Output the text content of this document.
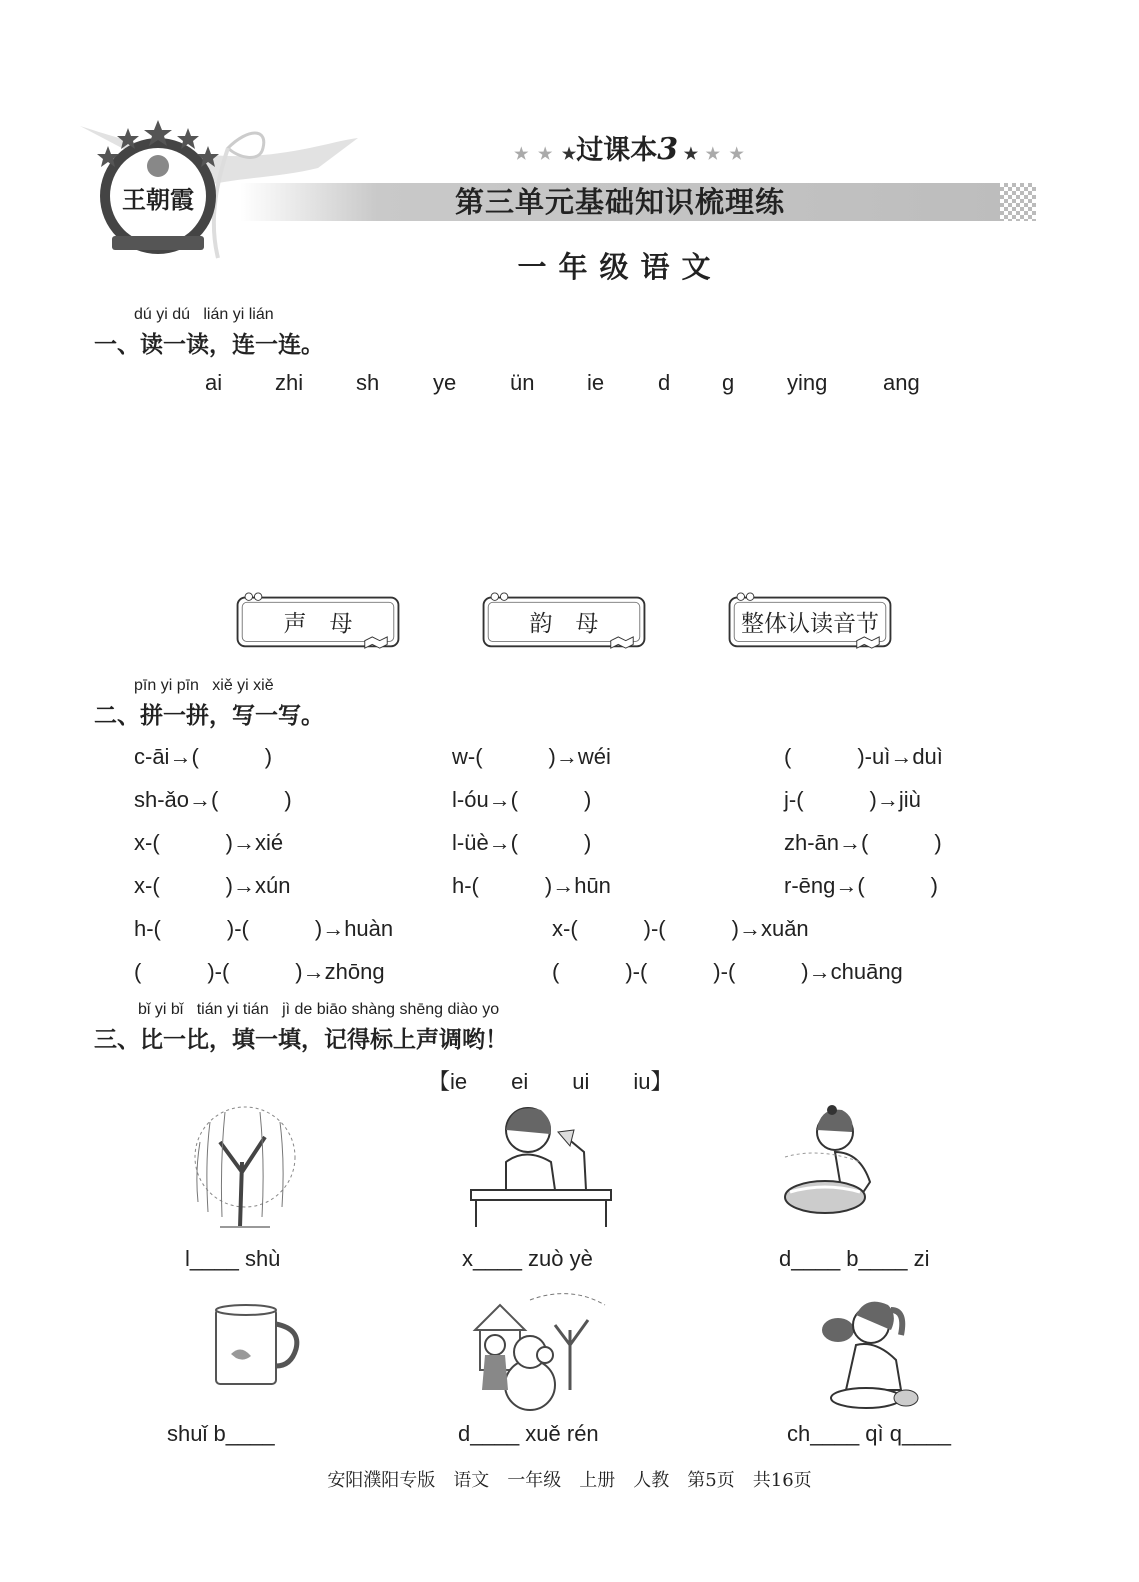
王朝霞
★ ★ ★过课本3 ★ ★ ★
第三单元基础知识梳理练
一年级语文
dú yi dú   lián yi lián
一、读一读，连一连。
ai zhi sh ye ün ie d g ying	ang
声　母	韵　母	整体认读音节
pīn yi pīn   xiě yi xiě
二、拼一拼，写一写。
c-āi→(　　　)	w-(　　　)→wéi	(　　　)-uì→duì
sh-ǎo→(　　　)	l-óu→(　　　)	j-(　　　)→jiù
x-(　　　)→xié	l-üè→(　　　)	zh-ān→(　　　)
x-(　　　)→xún	h-(　　　)→hūn	r-ēng→(　　　)
h-(　　　)-(　　　)→huàn	x-(　　　)-(　　　)→xuǎn
(　　　)-(　　　)→zhōng	(　　　)-(　　　)-(　　　)→chuāng
bǐ yi bǐ   tián yi tián   jì de biāo shàng shēng diào yo
三、比一比，填一填，记得标上声调哟！
【ie　　ei　　ui　　iu】
l____ shù	x____ zuò yè	d____ b____ zi
shuǐ b____	d____ xuě rén	ch____ qì q____
安阳濮阳专版　语文　一年级　上册　人教　第5页　共16页
